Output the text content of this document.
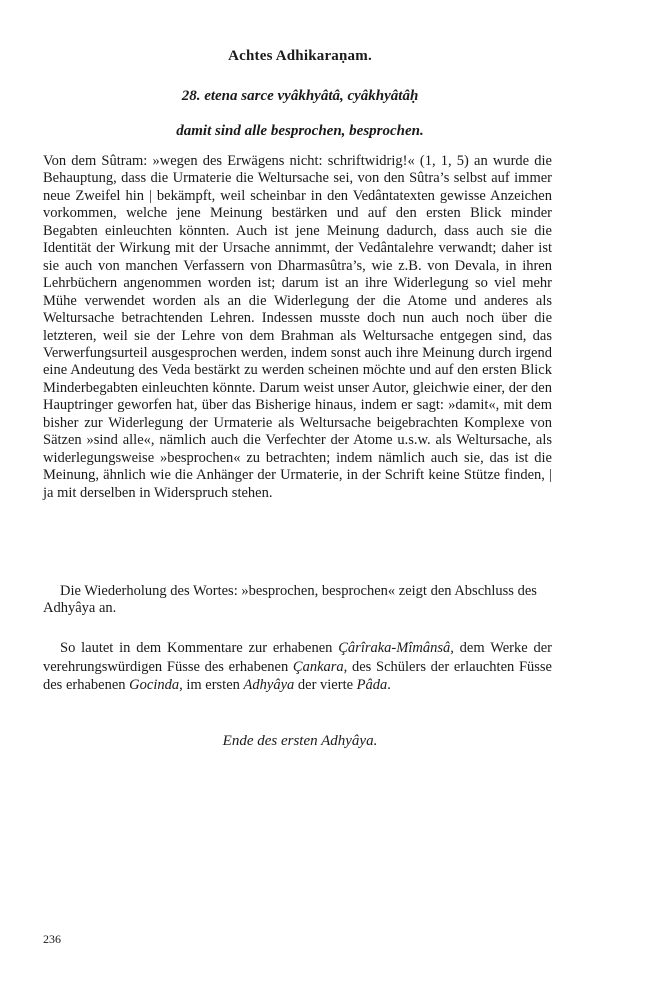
Achtes Adhikaraṇam.

28. etena sarce vyâkhyâtâ, cyâkhyâtâḥ

damit sind alle besprochen, besprochen.

Von dem Sûtram: »wegen des Erwägens nicht: schriftwidrig!« (1, 1, 5) an wurde die Behauptung, dass die Urmaterie die Weltursache sei, von den Sûtra’s selbst auf immer neue Zweifel hin | bekämpft, weil scheinbar in den Vedântatexten gewisse Anzeichen vorkommen, welche jene Meinung bestärken und auf den ersten Blick minder Begabten einleuchten könnten. Auch ist jene Meinung dadurch, dass auch sie die Identität der Wirkung mit der Ursache annimmt, der Vedântalehre verwandt; daher ist sie auch von manchen Verfassern von Dharmasûtra’s, wie z.B. von Devala, in ihren Lehrbüchern angenommen worden ist; darum ist an ihre Widerlegung so viel mehr Mühe verwendet worden als an die Widerlegung der die Atome und anderes als Weltursache betrachtenden Lehren. Indessen musste doch nun auch noch über die letzteren, weil sie der Lehre von dem Brahman als Weltursache entgegen sind, das Verwerfungsurteil ausgesprochen werden, indem sonst auch ihre Meinung durch irgend eine Andeutung des Veda bestärkt zu werden scheinen möchte und auf den ersten Blick Minderbegabten einleuchten könnte. Darum weist unser Autor, gleichwie einer, der den Hauptringer geworfen hat, über das Bisherige hinaus, indem er sagt: »damit«, mit dem bisher zur Widerlegung der Urmaterie als Weltursache beigebrachten Komplexe von Sätzen »sind alle«, nämlich auch die Verfechter der Atome u.s.w. als Weltursache, als widerlegungsweise »besprochen« zu betrachten; indem nämlich auch sie, das ist die Meinung, ähnlich wie die Anhänger der Urmaterie, in der Schrift keine Stütze finden, | ja mit derselben in Widerspruch stehen.

Die Wiederholung des Wortes: »besprochen, besprochen« zeigt den Abschluss des Adhyâya an.

So lautet in dem Kommentare zur erhabenen Çârîraka-Mîmânsâ, dem Werke der verehrungswürdigen Füsse des erhabenen Çankara, des Schülers der erlauchten Füsse des erhabenen Gocinda, im ersten Adhyâya der vierte Pâda.

Ende des ersten Adhyâya.

236
